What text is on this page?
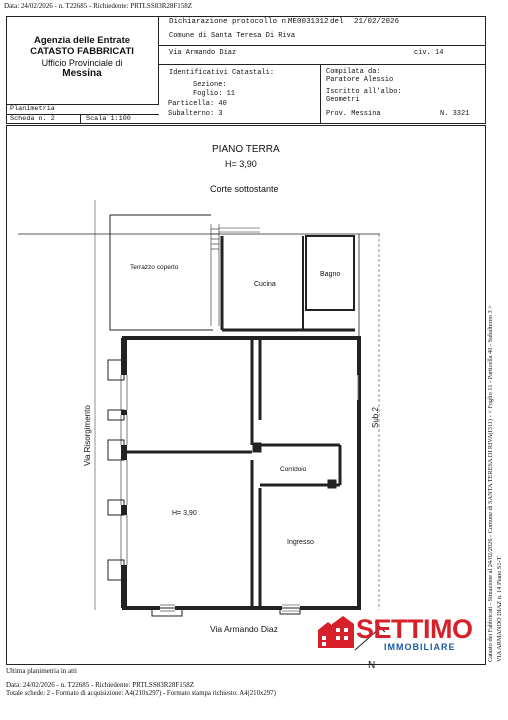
Data: 24/02/2026 - n. T22685 - Richiedente: PRTLSS83R28F158Z
Agenzia delle Entrate
CATASTO FABBRICATI
Ufficio Provinciale di
Messina
Dichiarazione protocollo n.
ME0031312 del 21/02/2026
Comune di Santa Teresa Di Riva
Via Armando Diaz	civ. 14
Identificativi Catastali:
Sezione:
Foglio: 11
Particella: 40
Subalterno: 3
Compilata da:
Paratore Alessio
Iscritto all'albo:
Geometri
Prov. Messina	N. 3321
Planimetria
Scheda n. 2	Scala 1:100
PIANO TERRA
H= 3,90
Corte sottostante
Terrazzo coperto
Cucina
Bagno
Sub.2
Via Risorgimento
Corridoio
H= 3,90
Ingresso
Via Armando Diaz
N
SETTIMO
IMMOBILIARE	Catasto dei Fabbricati - Situazione al 24/02/2026 - Comune di SANTA TERESA DI RIVA(I311) - < Foglio 11 - Particella 40 - Subalterno 3 > VIA ARMANDO DIAZ n. 14 Piano S1-T
Ultima planimetria in atti
Data: 24/02/2026 - n. T22685 - Richiedente: PRTLSS83R28F158Z
Totale schede: 2 - Formato di acquisizione: A4(210x297) - Formato stampa richiesto: A4(210x297)
